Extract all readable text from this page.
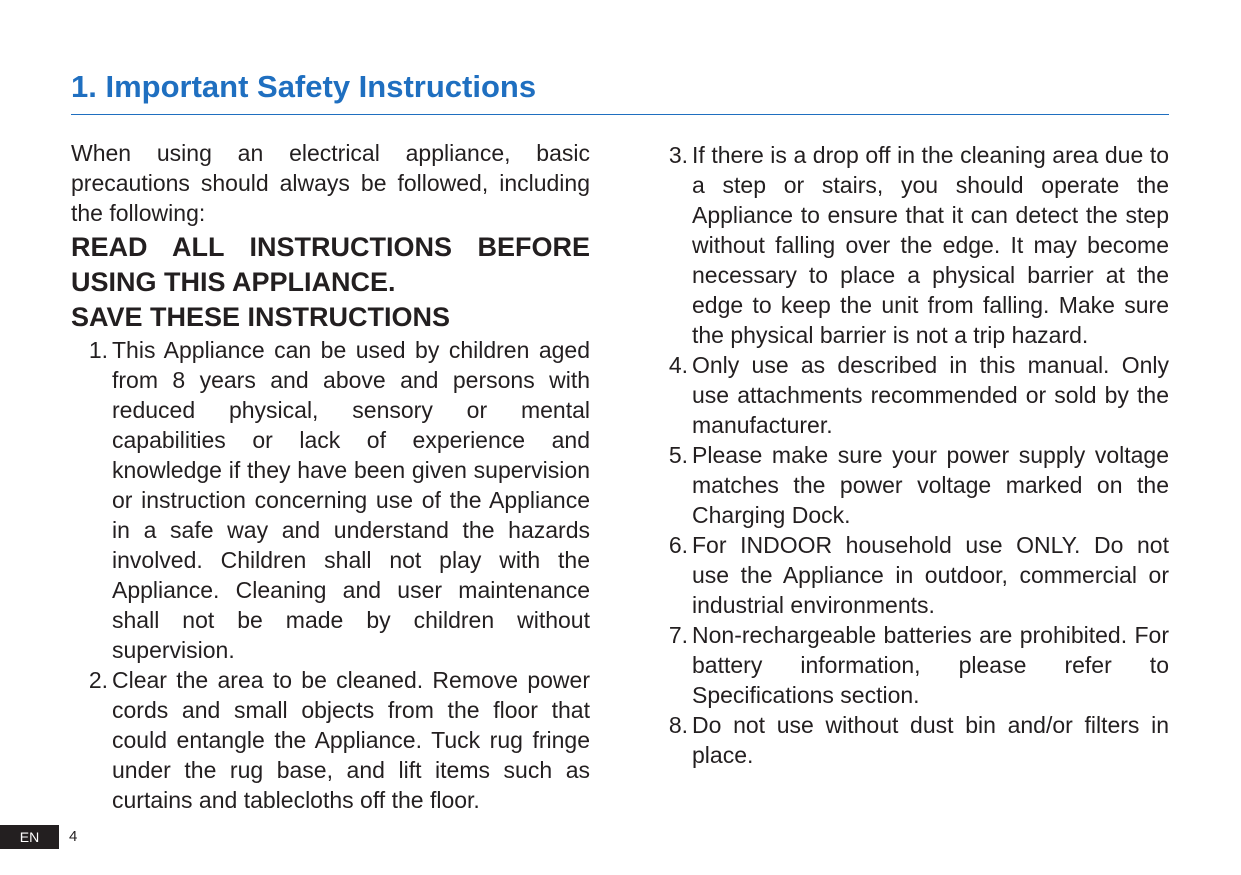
1. Important Safety Instructions

When using an electrical appliance, basic precautions should always be followed, including the following:

READ ALL INSTRUCTIONS BEFORE
USING THIS APPLIANCE.
SAVE THESE INSTRUCTIONS
1. This Appliance can be used by children aged from 8 years and above and persons with reduced physical, sensory or mental capabilities or lack of experience and knowledge if they have been given supervision or instruction concerning use of the Appliance in a safe way and understand the hazards involved. Children shall not play with the Appliance. Cleaning and user maintenance shall not be made by children without supervision.
2. Clear the area to be cleaned. Remove power cords and small objects from the floor that could entangle the Appliance. Tuck rug fringe under the rug base, and lift items such as curtains and tablecloths off the floor.
3. If there is a drop off in the cleaning area due to a step or stairs, you should operate the Appliance to ensure that it can detect the step without falling over the edge. It may become necessary to place a physical barrier at the edge to keep the unit from falling. Make sure the physical barrier is not a trip hazard.
4. Only use as described in this manual. Only use attachments recommended or sold by the manufacturer.
5. Please make sure your power supply voltage matches the power voltage marked on the Charging Dock.
6. For INDOOR household use ONLY. Do not use the Appliance in outdoor, commercial or industrial environments.
7. Non-rechargeable batteries are prohibited. For battery information, please refer to Specifications section.
8. Do not use without dust bin and/or filters in place.
EN	4
